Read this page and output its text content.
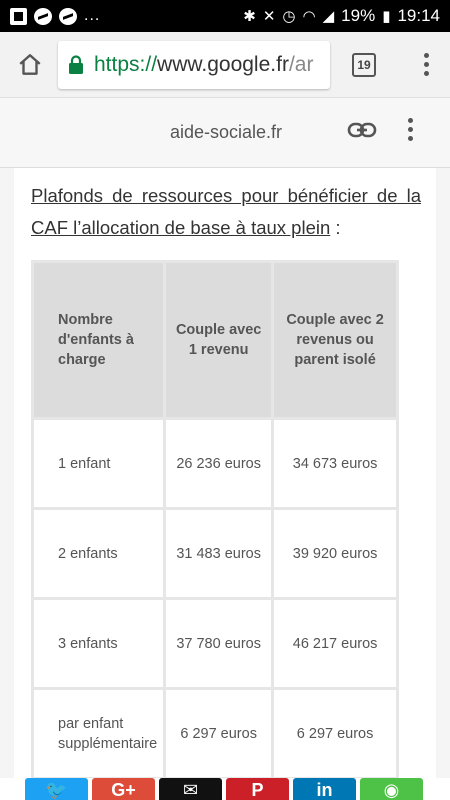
...	✱ ✕ ◷ ◠ ◢ 19% ▮ 19:14
https :// www.google.fr /ar	19
aide-sociale.fr

Plafonds de ressources pour bénéficier de la CAF l’allocation de base à taux plein :

Nombre d'enfants à charge	Couple avec 1 revenu	Couple avec 2 revenus ou parent isolé
1 enfant	26 236 euros	34 673 euros
2 enfants	31 483 euros	39 920 euros
3 enfants	37 780 euros	46 217 euros
par enfant supplémentaire	6 297 euros	6 297 euros
🐦 G+	✉	P	in	◉
